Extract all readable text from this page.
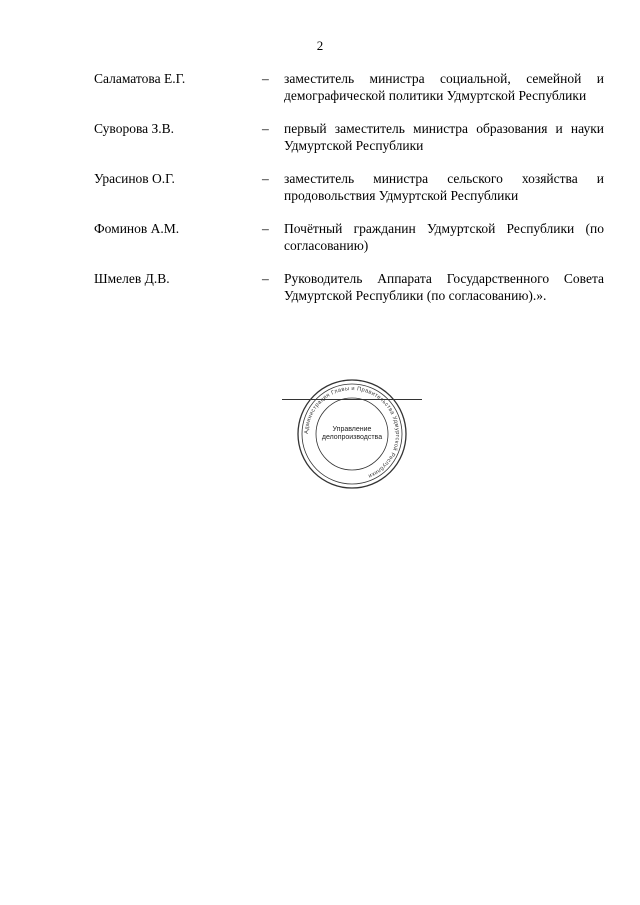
2
Саламатова Е.Г.	– заместитель министра социальной, семейной и демографической политики Удмуртской Республики
Суворова З.В.	– первый заместитель министра образования и науки Удмуртской Республики
Урасинов О.Г.	– заместитель министра сельского хозяйства и продовольствия Удмуртской Республики
Фоминов А.М.	– Почётный гражданин Удмуртской Республики (по согласованию)
Шмелев Д.В.	– Руководитель Аппарата Государственного Совета Удмуртской Республики (по согласованию).».
Администрация Главы и Правительства Удмуртской Республики
Управление
делопроизводства
